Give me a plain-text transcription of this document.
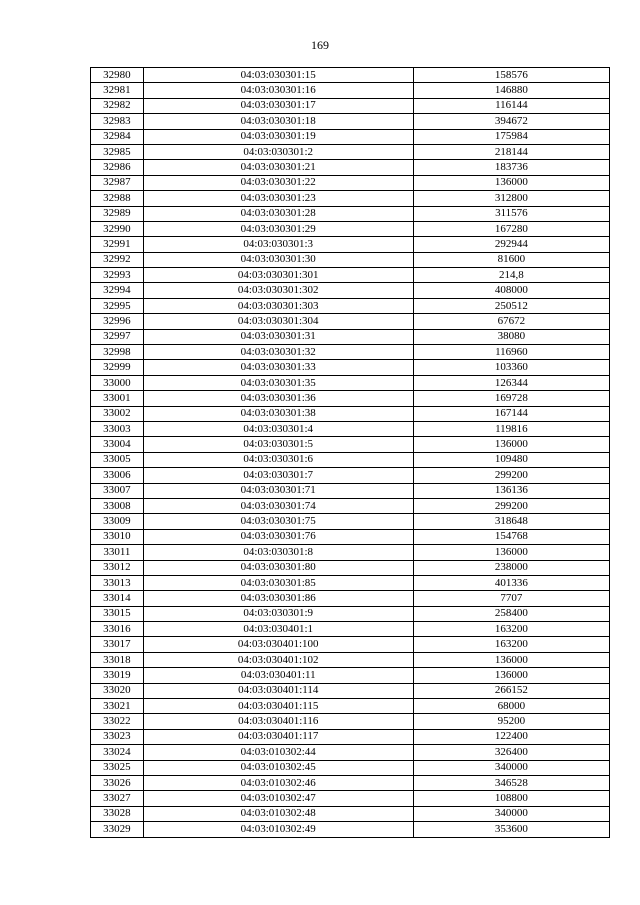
169
32980	04:03:030301:15	158576
32981	04:03:030301:16	146880
32982	04:03:030301:17	116144
32983	04:03:030301:18	394672
32984	04:03:030301:19	175984
32985	04:03:030301:2	218144
32986	04:03:030301:21	183736
32987	04:03:030301:22	136000
32988	04:03:030301:23	312800
32989	04:03:030301:28	311576
32990	04:03:030301:29	167280
32991	04:03:030301:3	292944
32992	04:03:030301:30	81600
32993	04:03:030301:301	214,8
32994	04:03:030301:302	408000
32995	04:03:030301:303	250512
32996	04:03:030301:304	67672
32997	04:03:030301:31	38080
32998	04:03:030301:32	116960
32999	04:03:030301:33	103360
33000	04:03:030301:35	126344
33001	04:03:030301:36	169728
33002	04:03:030301:38	167144
33003	04:03:030301:4	119816
33004	04:03:030301:5	136000
33005	04:03:030301:6	109480
33006	04:03:030301:7	299200
33007	04:03:030301:71	136136
33008	04:03:030301:74	299200
33009	04:03:030301:75	318648
33010	04:03:030301:76	154768
33011	04:03:030301:8	136000
33012	04:03:030301:80	238000
33013	04:03:030301:85	401336
33014	04:03:030301:86	7707
33015	04:03:030301:9	258400
33016	04:03:030401:1	163200
33017	04:03:030401:100	163200
33018	04:03:030401:102	136000
33019	04:03:030401:11	136000
33020	04:03:030401:114	266152
33021	04:03:030401:115	68000
33022	04:03:030401:116	95200
33023	04:03:030401:117	122400
33024	04:03:010302:44	326400
33025	04:03:010302:45	340000
33026	04:03:010302:46	346528
33027	04:03:010302:47	108800
33028	04:03:010302:48	340000
33029	04:03:010302:49	353600
